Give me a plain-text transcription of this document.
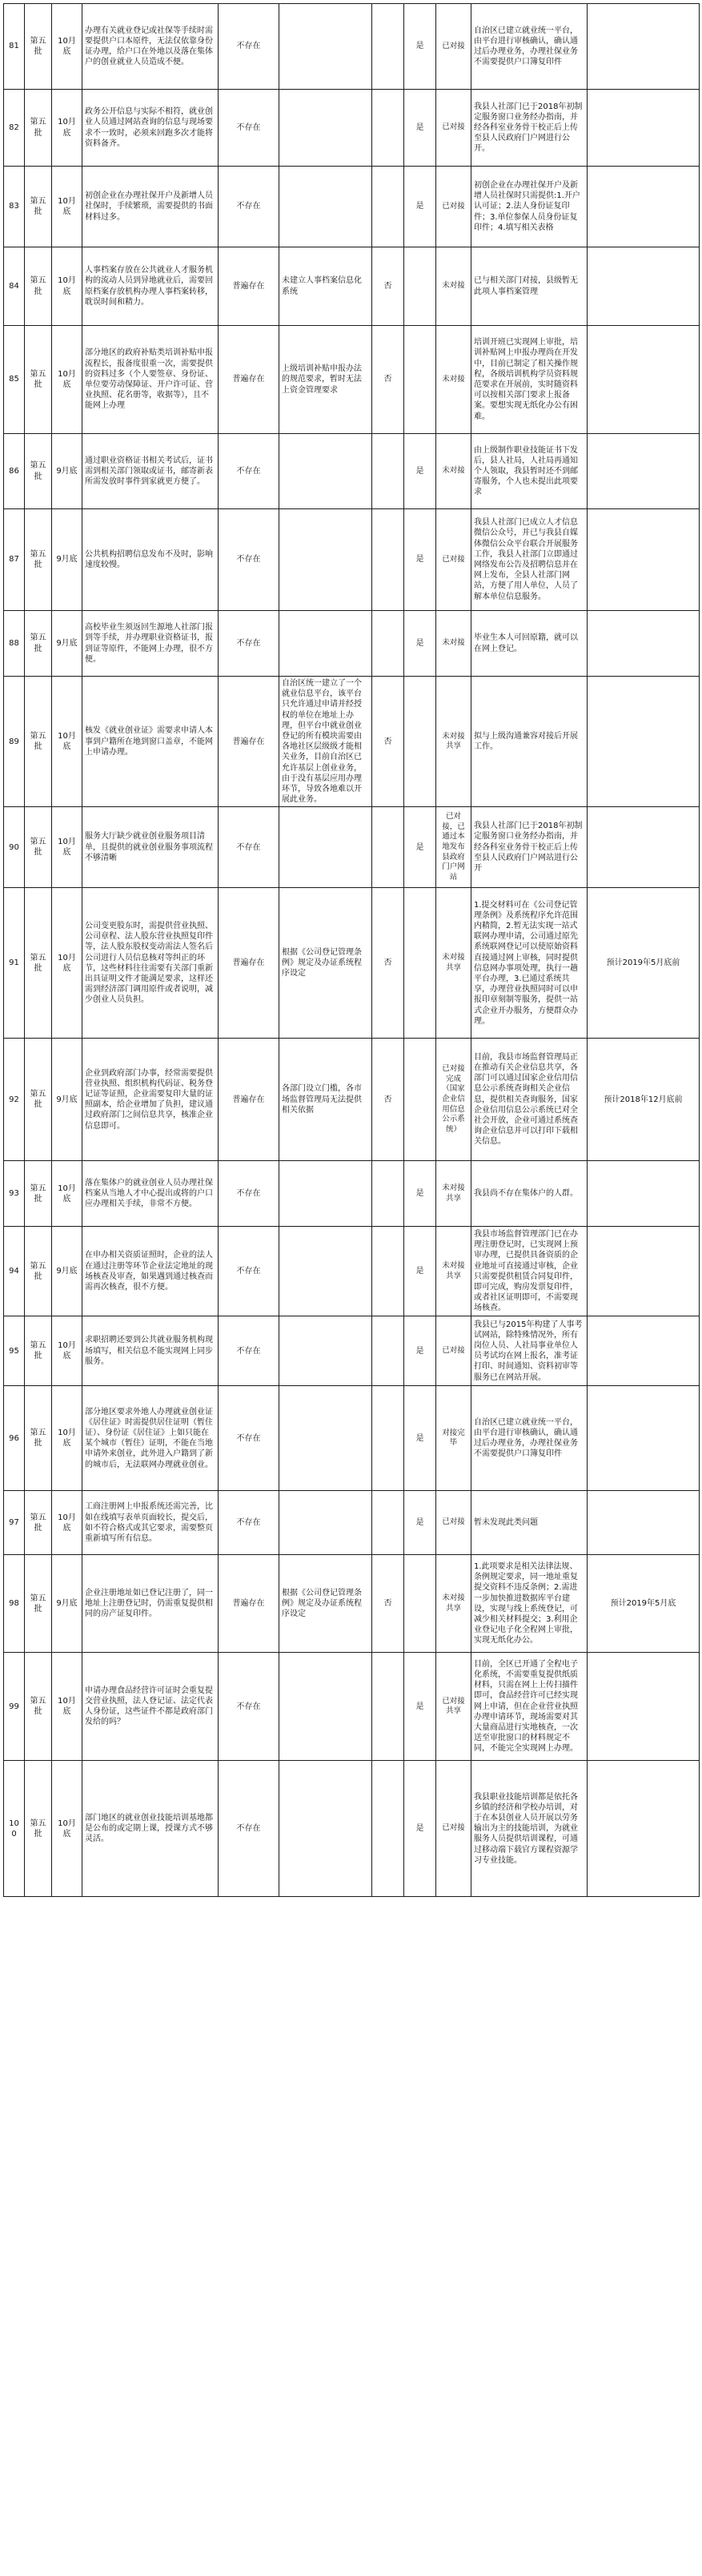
81	第五批	10月底	办理有关就业登记或社保等手续时需要提供户口本原件，无法仅依靠身份证办理，给户口在外地以及落在集体户的创业就业人员造成不便。	不存在			是	已对接	自治区已建立就业统一平台，由平台进行审核确认，确认通过后办理业务，办理社保业务不需要提供户口簿复印件	
82	第五批	10月底	政务公开信息与实际不相符，就业创业人员通过网站查询的信息与现场要求不一致时，必须来回跑多次才能将资料备齐。	不存在			是	已对接	我县人社部门已于2018年初制定服务窗口业务经办指南，并经各科室业务骨干校正后上传至县人民政府门户网进行公开。	
83	第五批	10月底	初创企业在办理社保开户及新增人员社保时，手续繁琐，需要提供的书面材料过多。	不存在			是	已对接	初创企业在办理社保开户及新增人员社保时只需提供:1.开户认可证；2.法人身份证复印件；3.单位参保人员身份证复印件；4.填写相关表格	
84	第五批	10月底	人事档案存放在公共就业人才服务机构的流动人员到异地就业后，需要回原档案存放机构办理人事档案转移，耽误时间和精力。	普遍存在	未建立人事档案信息化系统	否		未对接	已与相关部门对接，县级暂无此项人事档案管理	
85	第五批	10月底	部分地区的政府补贴类培训补贴申报流程长，报备度很重一次，需要提供的资料过多（个人要签章、身份证、单位要劳动保障证、开户许可证、营业执照、花名册等，收据等），且不能网上办理	普遍存在	上级培训补贴申报办法的规范要求，暂时无法上资金管理要求	否		未对接	培训开班已实现网上审批，培训补贴网上申报办理尚在开发中，目前已制定了相关操作规程，各级培训机构学员资料规范要求在开展前，实时随资料可以按相关部门要求上报备案。要想实现无纸化办公有困难。	
86	第五批	9月底	通过职业资格证书相关考试后，证书需到相关部门领取或证书，邮寄新表所需发放时事件到家就更方便了。	不存在			是	未对接	由上级制作职业技能证书下发后，县人社局，人社局再通知个人领取，我县暂时还不到邮寄服务，个人也未提出此项要求	
87	第五批	9月底	公共机构招聘信息发布不及时，影响速度较慢。	不存在			是	已对接	我县人社部门已成立人才信息微信公众号，并已与我县自媒体微信公众平台联合开展服务工作，我县人社部门立即通过网络发布公告及招聘信息并在网上发布，全县人社部门网站，方便了用人单位，人员了解本单位信息服务。	
88	第五批	9月底	高校毕业生须返回生源地人社部门报到等手续，并办理职业资格证书，报到证等原件，不能网上办理，很不方便。	不存在			是	未对接	毕业生本人可回原籍，就可以在网上登记。	
89	第五批	10月底	核发《就业创业证》需要求申请人本事到户籍所在地到窗口盖章，不能网上申请办理。	普遍存在	自治区统一建立了一个就业信息平台，该平台只允许通过申请并经授权的单位在地址上办理，但平台中就业创业登记的所有模块需要由各地社区层级级才能相关业务，目前自治区已允许基层上创业业务，由于没有基层应用办理环节，导致各地难以开展此业务。	否		未对接共享	拟与上级沟通兼容对接后开展工作。	
90	第五批	10月底	服务大厅缺少就业创业服务项目清单，且提供的就业创业服务事项流程不够清晰	不存在			是	已对接，已通过本地发布县政府门户网站	我县人社部门已于2018年初制定服务窗口业务经办指南，并经各科室业务骨干校正后上传至县人民政府门户网站进行公开	
91	第五批	10月底	公司变更股东时，需提供营业执照、公司章程、法人股东营业执照复印件等，法人股东股权变动需法人签名后公司进行人员信息核对等纠正的环节，这些材料往往需要有关部门重新出具证明文件才能满足要求，这样还需到经济部门调用原件或者说明，减少创业人员负担。	普遍存在	根据《公司登记管理条例》规定及办证系统程序设定	否		未对接共享	1.提交材料可在《公司登记管理条例》及系统程序允许范围内精简，2.暂无法实现一站式联网办理申请，公司通过原先系统联网登记可以使原始资料直接通过网上审核，同时提供信息网办事项处理，执行一趟平台办理，3.已通过系统共享，办理营业执照同时可以申报印章刻制等服务，提供一站式企业开办服务，方便群众办理。	预计2019年5月底前
92	第五批	9月底	企业到政府部门办事，经常需要提供营业执照、组织机构代码证、税务登记证等证照，企业需要复印大量的证照副本，给企业增加了负担，建议通过政府部门之间信息共享，核准企业信息即可。	普遍存在	各部门设立门槛，各市场监督管理局无法提供相关依据	否		已对接完成（国家企业信用信息公示系统）	目前，我县市场监督管理局正在推动有关企业信息共享，各部门可以通过国家企业信用信息公示系统查询相关企业信息，提供相关查询服务，国家企业信用信息公示系统已对全社会开放，企业可通过系统查询企业信息并可以打印下载相关信息。	预计2018年12月底前
93	第五批	10月底	落在集体户的就业创业人员办理社保档案从当地人才中心提出或将的户口应办理相关手续，非常不方便。	不存在			是	未对接共享	我县尚不存在集体户的人群。	
94	第五批	9月底	在申办相关资质证照时，企业的法人在通过注册等环节企业法定地址的现场核查及审查，如果遇到通过核查而需再次核查，很不方便。	不存在			是	未对接共享	我县市场监督管理部门已在办理注册登记时，已实现网上预审办理，已提供具备资质的企业地址可直接通过审核，企业只需要提供租赁合同复印件，即可完成，购房发票复印件，或者社区证明即可，不需要现场核查。	
95	第五批	10月底	求职招聘还要到公共就业服务机构现场填写，相关信息不能实现网上同步服务。	不存在			是	已对接	我县已与2015年构建了人事考试网站，除特殊情况外，所有岗位人员、人社局事业单位人员考试均在网上报名，准考证打印、时间通知、资料初审等服务已在网站开展。	
96	第五批	10月底	部分地区要求外地人办理就业创业证《居住证》时需提供居住证明（暂住证）、身份证《居住证》上如只能在某个城市（暂住）证明，不能在当地申请外来创业，此外进入户籍到了新的城市后，无法联网办理就业创业。	不存在			是	对接完毕	自治区已建立就业统一平台，由平台进行审核确认，确认通过后办理业务，办理社保业务不需要提供户口簿复印件	
97	第五批	10月底	工商注册网上申报系统还需完善，比如在线填写表单页面较长，提交后，如不符合格式或其它要求，需要整页重新填写所有信息。	不存在			是	已对接	暂未发现此类问题	
98	第五批	9月底	企业注册地址如已登记注册了，同一地址上注册登记时，仍需重复提供相同的房产证复印件。	普遍存在	根据《公司登记管理条例》规定及办证系统程序设定	否		未对接共享	1.此项要求是相关法律法规、条例规定要求，同一地址重复提交资料不违反条例；2.需进一步加快推进数据库平台建设，实现与线上系统登记，可减少相关材料提交；3.利用企业登记电子化全程网上审批，实现无纸化办公。	预计2019年5月底
99	第五批	10月底	申请办理食品经营许可证时会重复提交营业执照，法人登记证、法定代表人身份证，这些证件不都是政府部门发给的吗？	不存在			是	已对接共享	目前，全区已开通了全程电子化系统，不需要重复提供纸质材料，只需在网上上传扫描件即可，食品经营许可已经实现网上申请，但在企业营业执照办理申请环节，现场需要对其大量商品进行实地核查，一次送至审批窗口的材料规定不同，不能完全实现网上办理。	
100	第五批	10月底	部门地区的就业创业技能培训基地都是公布的或定期上课，授课方式不够灵活。	不存在			是	已对接	我县职业技能培训都是依托各乡镇的经济和学校办培训，对于在本县创业人员开展以劳务输出为主的技能培训，为就业服务人员提供培训课程，可通过移动端下载官方课程资源学习专业技能。	
